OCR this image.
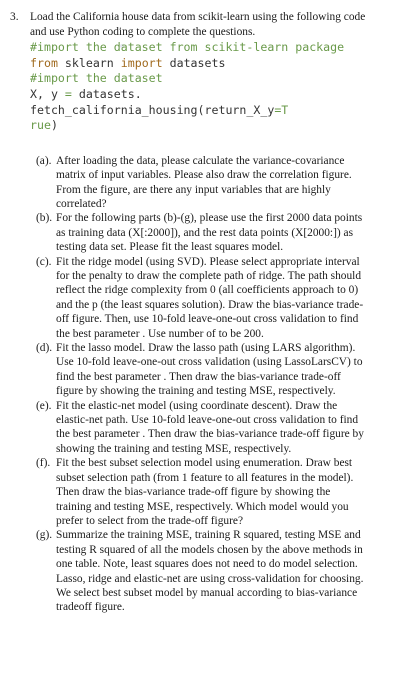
3. Load the California house data from scikit-learn using the following code and use Python coding to complete the questions.
#import the dataset from scikit-learn package
from sklearn import datasets
#import the dataset
X, y = datasets.
fetch_california_housing(return_X_y=T
rue)
(a). After loading the data, please calculate the variance-covariance matrix of input variables. Please also draw the correlation figure. From the figure, are there any input variables that are highly correlated?
(b). For the following parts (b)-(g), please use the first 2000 data points as training data (X[:2000]), and the rest data points (X[2000:]) as testing data set. Please fit the least squares model.
(c). Fit the ridge model (using SVD). Please select appropriate interval for the penalty to draw the complete path of ridge. The path should reflect the ridge complexity from 0 (all coefficients approach to 0) and the p (the least squares solution). Draw the bias-variance trade-off figure. Then, use 10-fold leave-one-out cross validation to find the best parameter . Use number of to be 200.
(d). Fit the lasso model. Draw the lasso path (using LARS algorithm). Use 10-fold leave-one-out cross validation (using LassoLarsCV) to find the best parameter . Then draw the bias-variance trade-off figure by showing the training and testing MSE, respectively.
(e). Fit the elastic-net model (using coordinate descent). Draw the elastic-net path. Use 10-fold leave-one-out cross validation to find the best parameter . Then draw the bias-variance trade-off figure by showing the training and testing MSE, respectively.
(f). Fit the best subset selection model using enumeration. Draw best subset selection path (from 1 feature to all features in the model). Then draw the bias-variance trade-off figure by showing the training and testing MSE, respectively. Which model would you prefer to select from the trade-off figure?
(g). Summarize the training MSE, training R squared, testing MSE and testing R squared of all the models chosen by the above methods in one table. Note, least squares does not need to do model selection. Lasso, ridge and elastic-net are using cross-validation for choosing. We select best subset model by manual according to bias-variance tradeoff figure.
